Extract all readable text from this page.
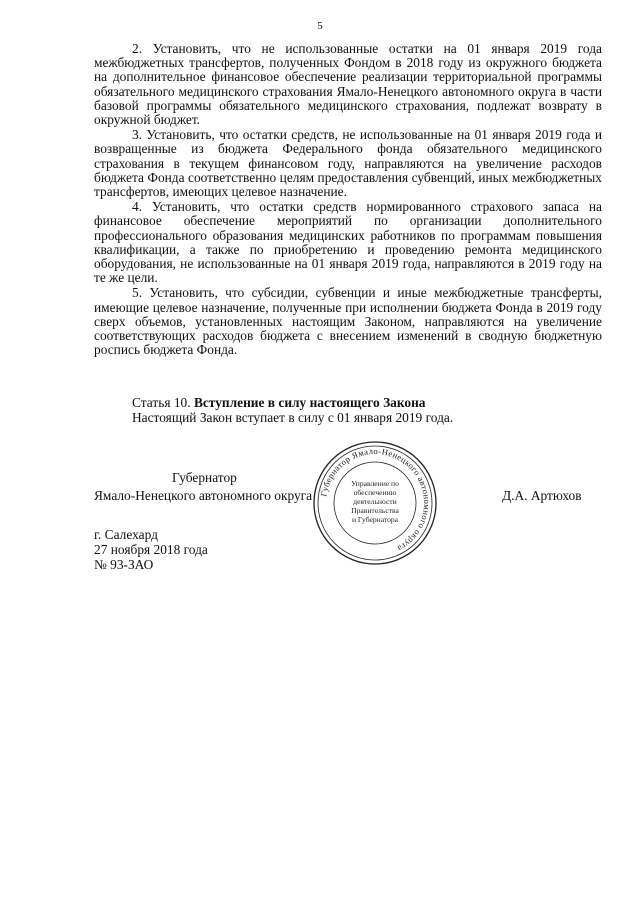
5

2. Установить, что не использованные остатки на 01 января 2019 года межбюджетных трансфертов, полученных Фондом в 2018 году из окружного бюджета на дополнительное финансовое обеспечение реализации территориальной программы обязательного медицинского страхования Ямало-Ненецкого автономного округа в части базовой программы обязательного медицинского страхования, подлежат возврату в окружной бюджет.

3. Установить, что остатки средств, не использованные на 01 января 2019 года и возвращенные из бюджета Федерального фонда обязательного медицинского страхования в текущем финансовом году, направляются на увеличение расходов бюджета Фонда соответственно целям предоставления субвенций, иных межбюджетных трансфертов, имеющих целевое назначение.

4. Установить, что остатки средств нормированного страхового запаса на финансовое обеспечение мероприятий по организации дополнительного профессионального образования медицинских работников по программам повышения квалификации, а также по приобретению и проведению ремонта медицинского оборудования, не использованные на 01 января 2019 года, направляются в 2019 году на те же цели.

5. Установить, что субсидии, субвенции и иные межбюджетные трансферты, имеющие целевое назначение, полученные при исполнении бюджета Фонда в 2019 году сверх объемов, установленных настоящим Законом, направляются на увеличение соответствующих расходов бюджета с внесением изменений в сводную бюджетную роспись бюджета Фонда.

Статья 10. Вступление в силу настоящего Закона
Настоящий Закон вступает в силу с 01 января 2019 года.
Губернатор
Ямало-Ненецкого автономного округа	Д.А. Артюхов
Губернатор Ямало-Ненецкого автономного округа
Управление по
обеспечению
деятельности
Правительства
и Губернатора
г. Салехард
27 ноября 2018 года
№ 93-ЗАО
